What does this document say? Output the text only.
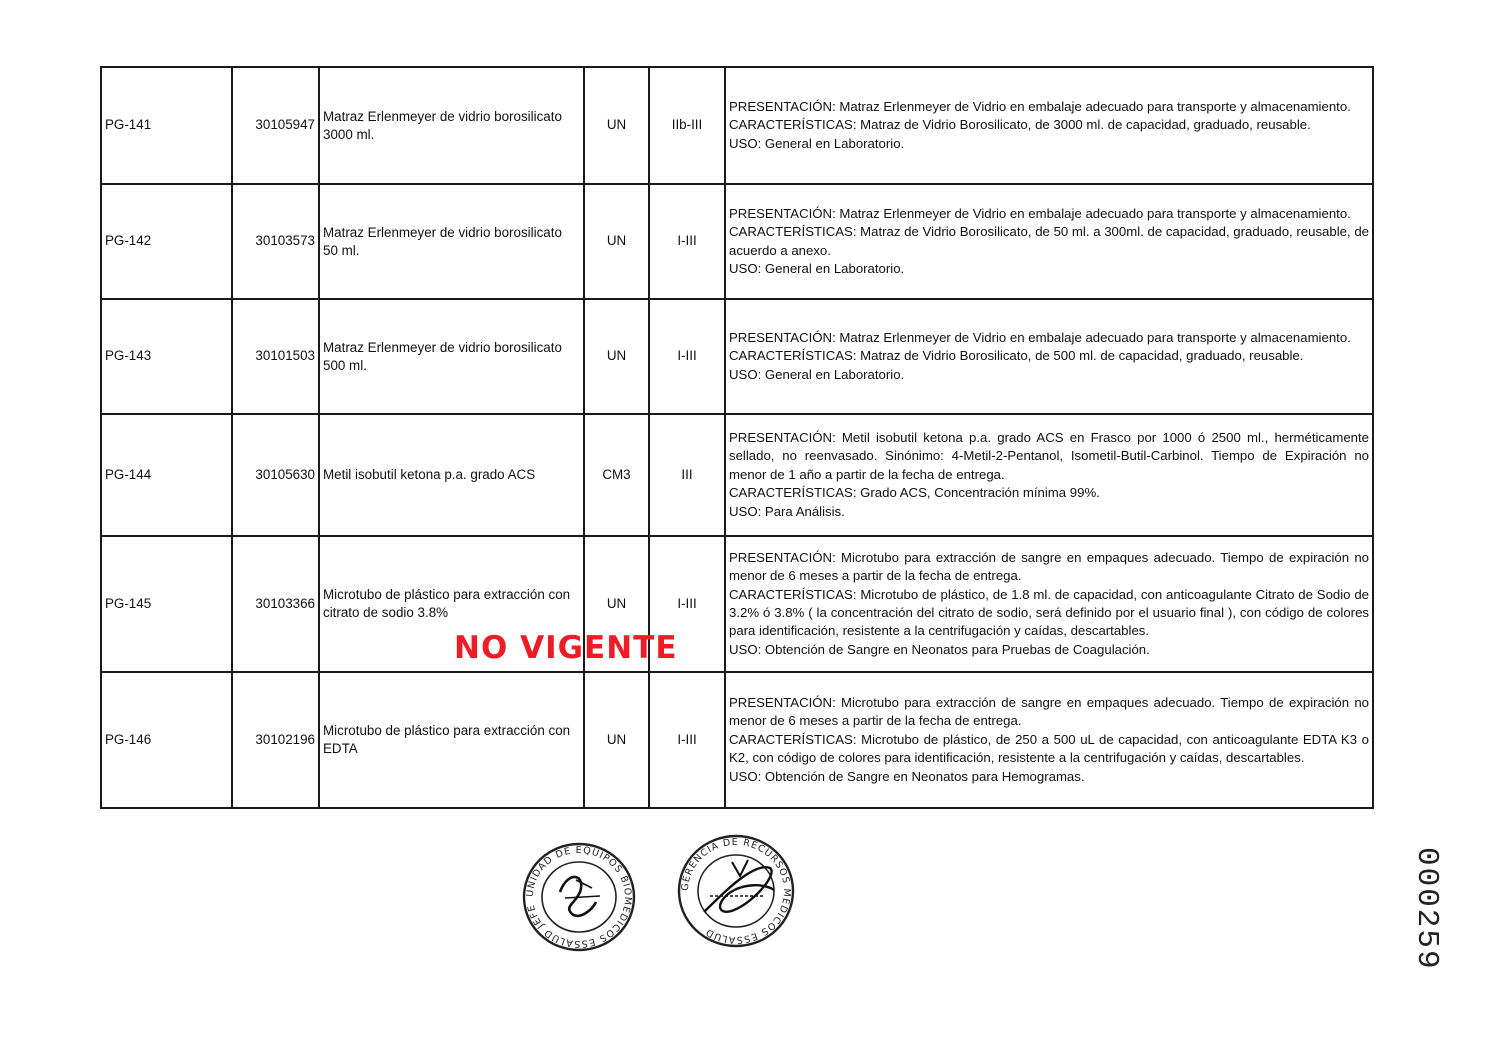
PG-141	30105947	Matraz Erlenmeyer de vidrio borosilicato 3000 ml.	UN	IIb-III	PRESENTACIÓN: Matraz Erlenmeyer de Vidrio en embalaje adecuado para transporte y almacenamiento.
CARACTERÍSTICAS: Matraz de Vidrio Borosilicato, de 3000 ml. de capacidad, graduado, reusable.
USO: General en Laboratorio.

PG-142	30103573	Matraz Erlenmeyer de vidrio borosilicato 50 ml.	UN	I-III	PRESENTACIÓN: Matraz Erlenmeyer de Vidrio en embalaje adecuado para transporte y almacenamiento.
CARACTERÍSTICAS: Matraz de Vidrio Borosilicato, de 50 ml. a 300ml. de capacidad, graduado, reusable, de acuerdo a anexo.
USO: General en Laboratorio.

PG-143	30101503	Matraz Erlenmeyer de vidrio borosilicato 500 ml.	UN	I-III	PRESENTACIÓN: Matraz Erlenmeyer de Vidrio en embalaje adecuado para transporte y almacenamiento.
CARACTERÍSTICAS: Matraz de Vidrio Borosilicato, de 500 ml. de capacidad, graduado, reusable.
USO: General en Laboratorio.

PG-144	30105630	Metil isobutil ketona p.a. grado ACS	CM3	III	PRESENTACIÓN: Metil isobutil ketona p.a. grado ACS en Frasco por 1000 ó 2500 ml., herméticamente sellado, no reenvasado. Sinónimo: 4-Metil-2-Pentanol, Isometil-Butil-Carbinol. Tiempo de Expiración no menor de 1 año a partir de la fecha de entrega.
CARACTERÍSTICAS: Grado ACS, Concentración mínima 99%.
USO: Para Análisis.

PG-145	30103366	Microtubo de plástico para extracción con citrato de sodio 3.8%	UN	I-III	PRESENTACIÓN: Microtubo para extracción de sangre en empaques adecuado. Tiempo de expiración no menor de 6 meses a partir de la fecha de entrega.
CARACTERÍSTICAS: Microtubo de plástico, de 1.8 ml. de capacidad, con anticoagulante Citrato de Sodio de 3.2% ó 3.8% ( la concentración del citrato de sodio, será definido por el usuario final ), con código de colores para identificación, resistente a la centrifugación y caídas, descartables.
USO: Obtención de Sangre en Neonatos para Pruebas de Coagulación.

PG-146	30102196	Microtubo de plástico para extracción con EDTA	UN	I-III	PRESENTACIÓN: Microtubo para extracción de sangre en empaques adecuado. Tiempo de expiración no menor de 6 meses a partir de la fecha de entrega.
CARACTERÍSTICAS: Microtubo de plástico, de 250 a 500 uL de capacidad, con anticoagulante EDTA K3 o K2, con código de colores para identificación, resistente a la centrifugación y caídas, descartables.
USO: Obtención de Sangre en Neonatos para Hemogramas.
NO VIGENTE
UNIDAD DE EQUIPOS BIOMEDICOS ESSALUD JEFE
GERENCIA DE RECURSOS MEDICOS ESSALUD	000259
